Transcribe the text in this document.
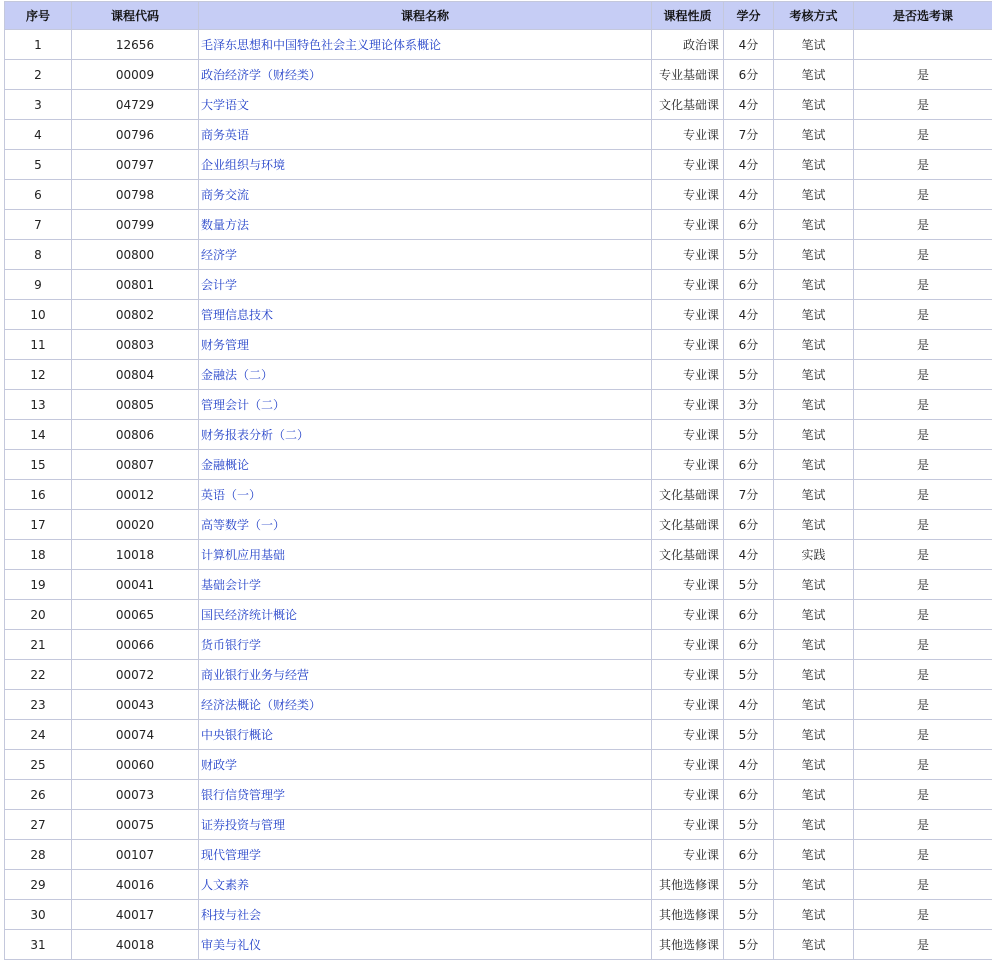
序号	课程代码	课程名称	课程性质	学分	考核方式	是否选考课
1	12656	毛泽东思想和中国特色社会主义理论体系概论	政治课	4分	笔试	
2	00009	政治经济学（财经类）	专业基础课	6分	笔试	是
3	04729	大学语文	文化基础课	4分	笔试	是
4	00796	商务英语	专业课	7分	笔试	是
5	00797	企业组织与环境	专业课	4分	笔试	是
6	00798	商务交流	专业课	4分	笔试	是
7	00799	数量方法	专业课	6分	笔试	是
8	00800	经济学	专业课	5分	笔试	是
9	00801	会计学	专业课	6分	笔试	是
10	00802	管理信息技术	专业课	4分	笔试	是
11	00803	财务管理	专业课	6分	笔试	是
12	00804	金融法（二）	专业课	5分	笔试	是
13	00805	管理会计（二）	专业课	3分	笔试	是
14	00806	财务报表分析（二）	专业课	5分	笔试	是
15	00807	金融概论	专业课	6分	笔试	是
16	00012	英语（一）	文化基础课	7分	笔试	是
17	00020	高等数学（一）	文化基础课	6分	笔试	是
18	10018	计算机应用基础	文化基础课	4分	实践	是
19	00041	基础会计学	专业课	5分	笔试	是
20	00065	国民经济统计概论	专业课	6分	笔试	是
21	00066	货币银行学	专业课	6分	笔试	是
22	00072	商业银行业务与经营	专业课	5分	笔试	是
23	00043	经济法概论（财经类）	专业课	4分	笔试	是
24	00074	中央银行概论	专业课	5分	笔试	是
25	00060	财政学	专业课	4分	笔试	是
26	00073	银行信贷管理学	专业课	6分	笔试	是
27	00075	证券投资与管理	专业课	5分	笔试	是
28	00107	现代管理学	专业课	6分	笔试	是
29	40016	人文素养	其他选修课	5分	笔试	是
30	40017	科技与社会	其他选修课	5分	笔试	是
31	40018	审美与礼仪	其他选修课	5分	笔试	是
